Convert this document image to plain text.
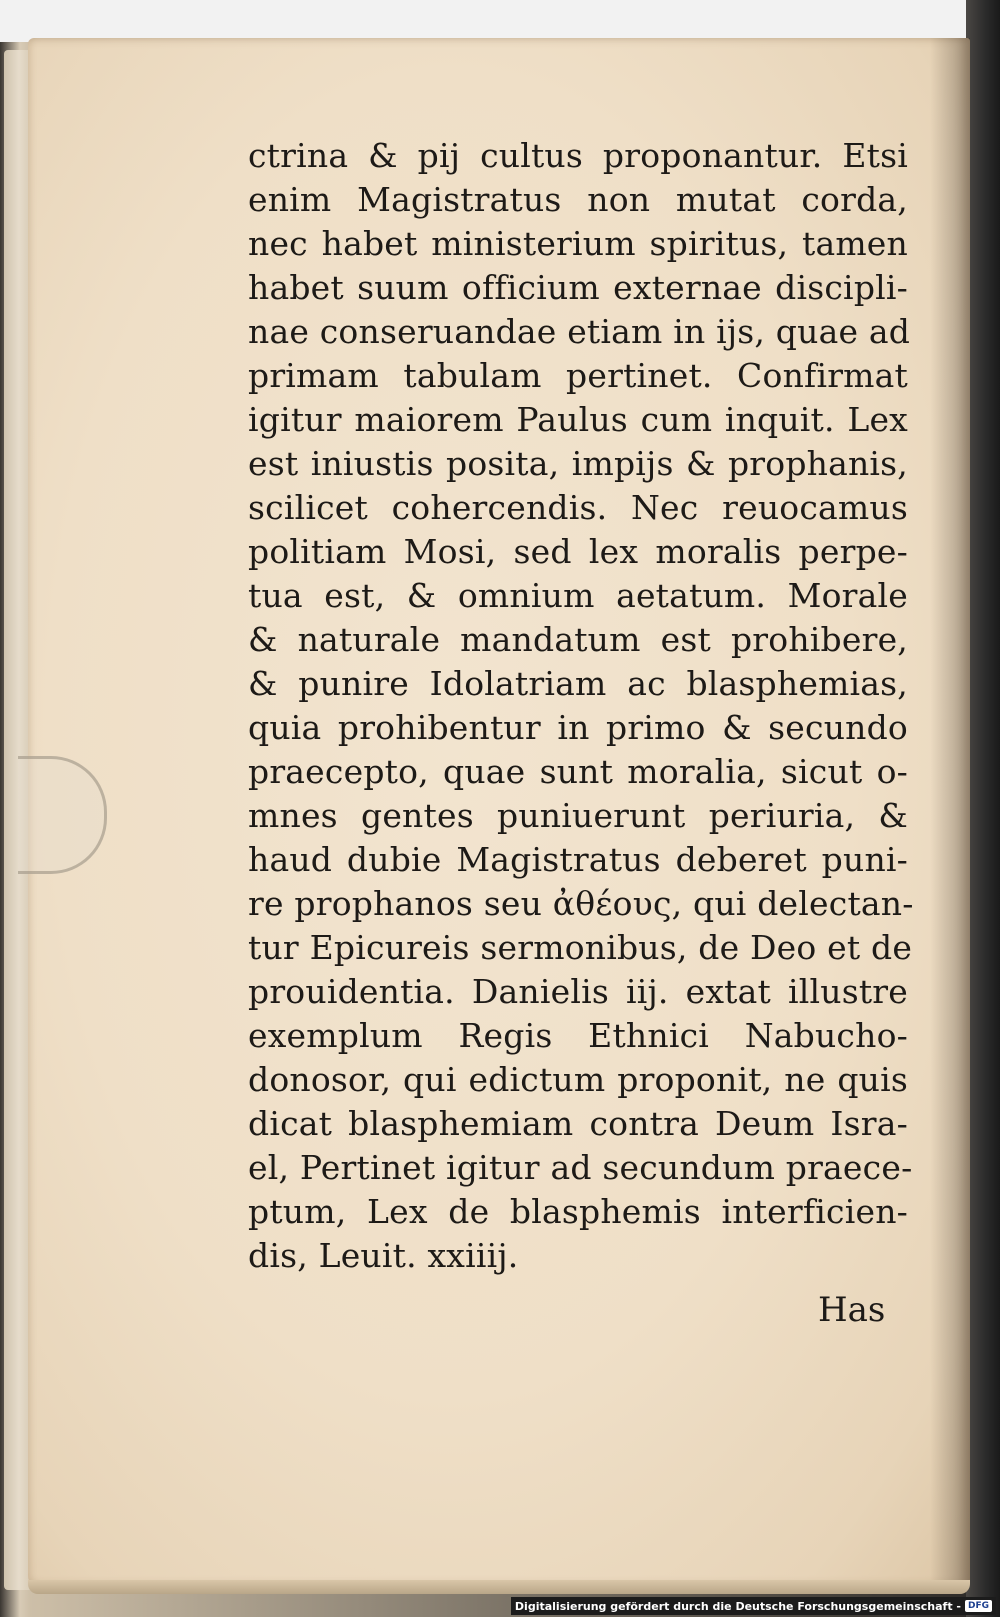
ctrina & pij cultus proponantur. Etsi
enim Magistratus non mutat corda,
nec habet ministerium spiritus, tamen
habet suum officium externae discipli-
nae conseruandae etiam in ijs, quae ad
primam tabulam pertinet. Confirmat
igitur maiorem Paulus cum inquit. Lex
est iniustis posita, impijs & prophanis,
scilicet cohercendis. Nec reuocamus
politiam Mosi, sed lex moralis perpe-
tua est, & omnium aetatum. Morale
& naturale mandatum est prohibere,
& punire Idolatriam ac blasphemias,
quia prohibentur in primo & secundo
praecepto, quae sunt moralia, sicut o-
mnes gentes puniuerunt periuria, &
haud dubie Magistratus deberet puni-
re prophanos seu ἀθέους, qui delectan-
tur Epicureis sermonibus, de Deo et de
prouidentia. Danielis iij. extat illustre
exemplum Regis Ethnici Nabucho-
donosor, qui edictum proponit, ne quis
dicat blasphemiam contra Deum Isra-
el, Pertinet igitur ad secundum praece-
ptum, Lex de blasphemis interficien-
dis, Leuit. xxiiij.
Has
Digitalisierung gefördert durch die Deutsche Forschungsgemeinschaft - DFG
